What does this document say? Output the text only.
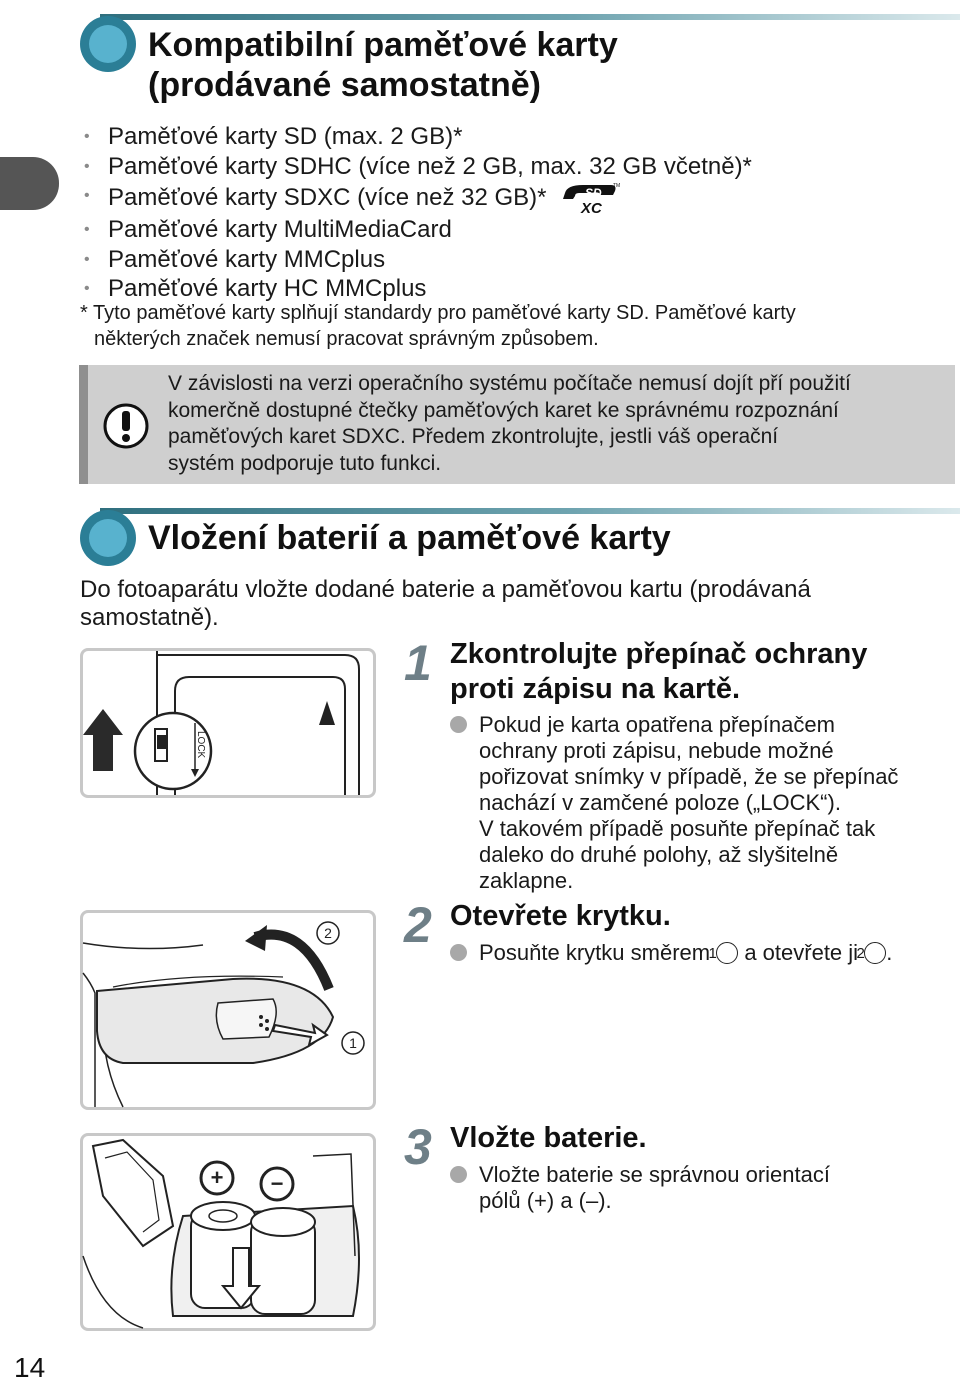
Kompatibilní paměťové karty
(prodávané samostatně)
• Paměťové karty SD (max. 2 GB)*
• Paměťové karty SDHC (více než 2 GB, max. 32 GB včetně)*
• Paměťové karty SDXC (více než 32 GB)*	SD
XC
TM
• Paměťové karty MultiMediaCard
• Paměťové karty MMCplus
• Paměťové karty HC MMCplus
* Tyto paměťové karty splňují standardy pro paměťové karty SD. Paměťové karty
některých značek nemusí pracovat správným způsobem.
V závislosti na verzi operačního systému počítače nemusí dojít pří použití
komerčně dostupné čtečky paměťových karet ke správnému rozpoznání
paměťových karet SDXC. Předem zkontrolujte, jestli váš operační
systém podporuje tuto funkci.
Vložení baterií a paměťové karty
Do fotoaparátu vložte dodané baterie a paměťovou kartu (prodávaná
samostatně).
LOCK
2
1
+ −
1 Zkontrolujte přepínač ochrany
proti zápisu na kartě.

Pokud je karta opatřena přepínačem

ochrany proti zápisu, nebude možné
pořizovat snímky v případě, že se přepínač
nachází v zamčené poloze („LOCK“).
V takovém případě posuňte přepínač tak
daleko do druhé polohy, až slyšitelně
zaklapne.
2 Otevřete krytku.

Posuňte krytku směrem 1 a otevřete ji 2 .

3 Vložte baterie.

Vložte baterie se správnou orientací

pólů (+) a (–).
14
